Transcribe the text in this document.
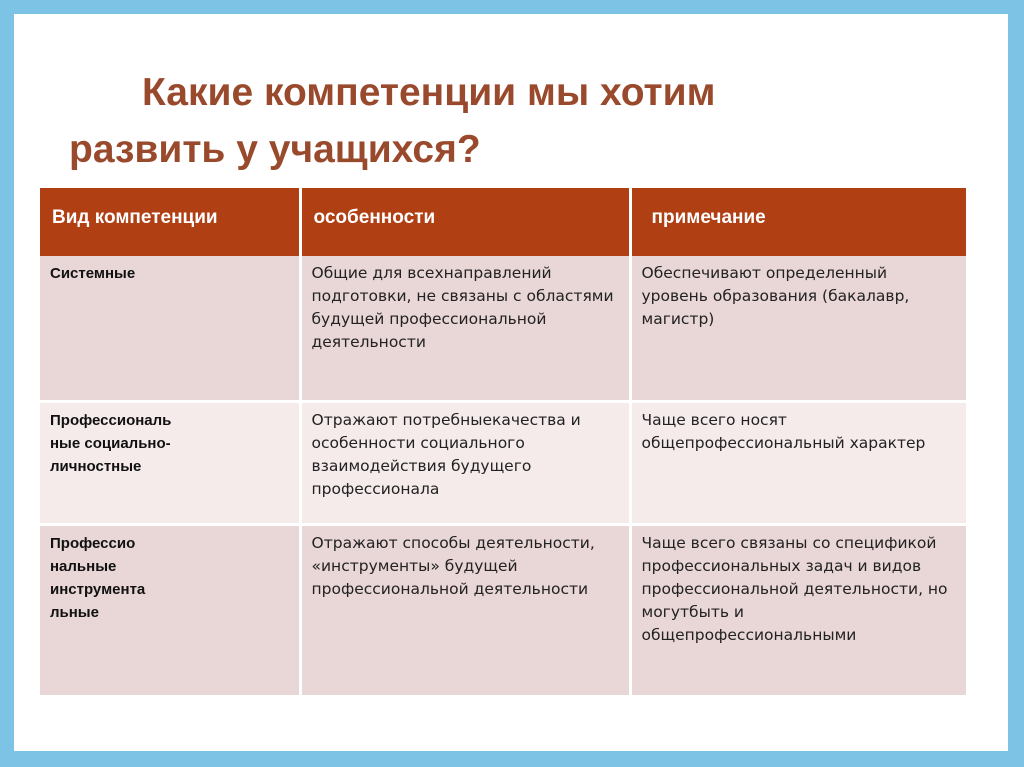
Какие компетенции мы хотим
развить у учащихся?
Вид компетенции	особенности	примечание
Системные	Общие для всехнаправлений подготовки, не связаны с областями будущей профессиональной деятельности	Обеспечивают определенный уровень образования (бакалавр, магистр)
Профессиональ
ные социально-
личностные	Отражают потребныекачества и особенности социального взаимодействия будущего профессионала	Чаще всего носят общепрофессиональный характер
Профессио
нальные
инструмента
льные	Отражают способы деятельности, «инструменты» будущей профессиональной деятельности	Чаще всего связаны со спецификой профессиональных задач и видов профессиональной деятельности, но могутбыть и общепрофессиональными
